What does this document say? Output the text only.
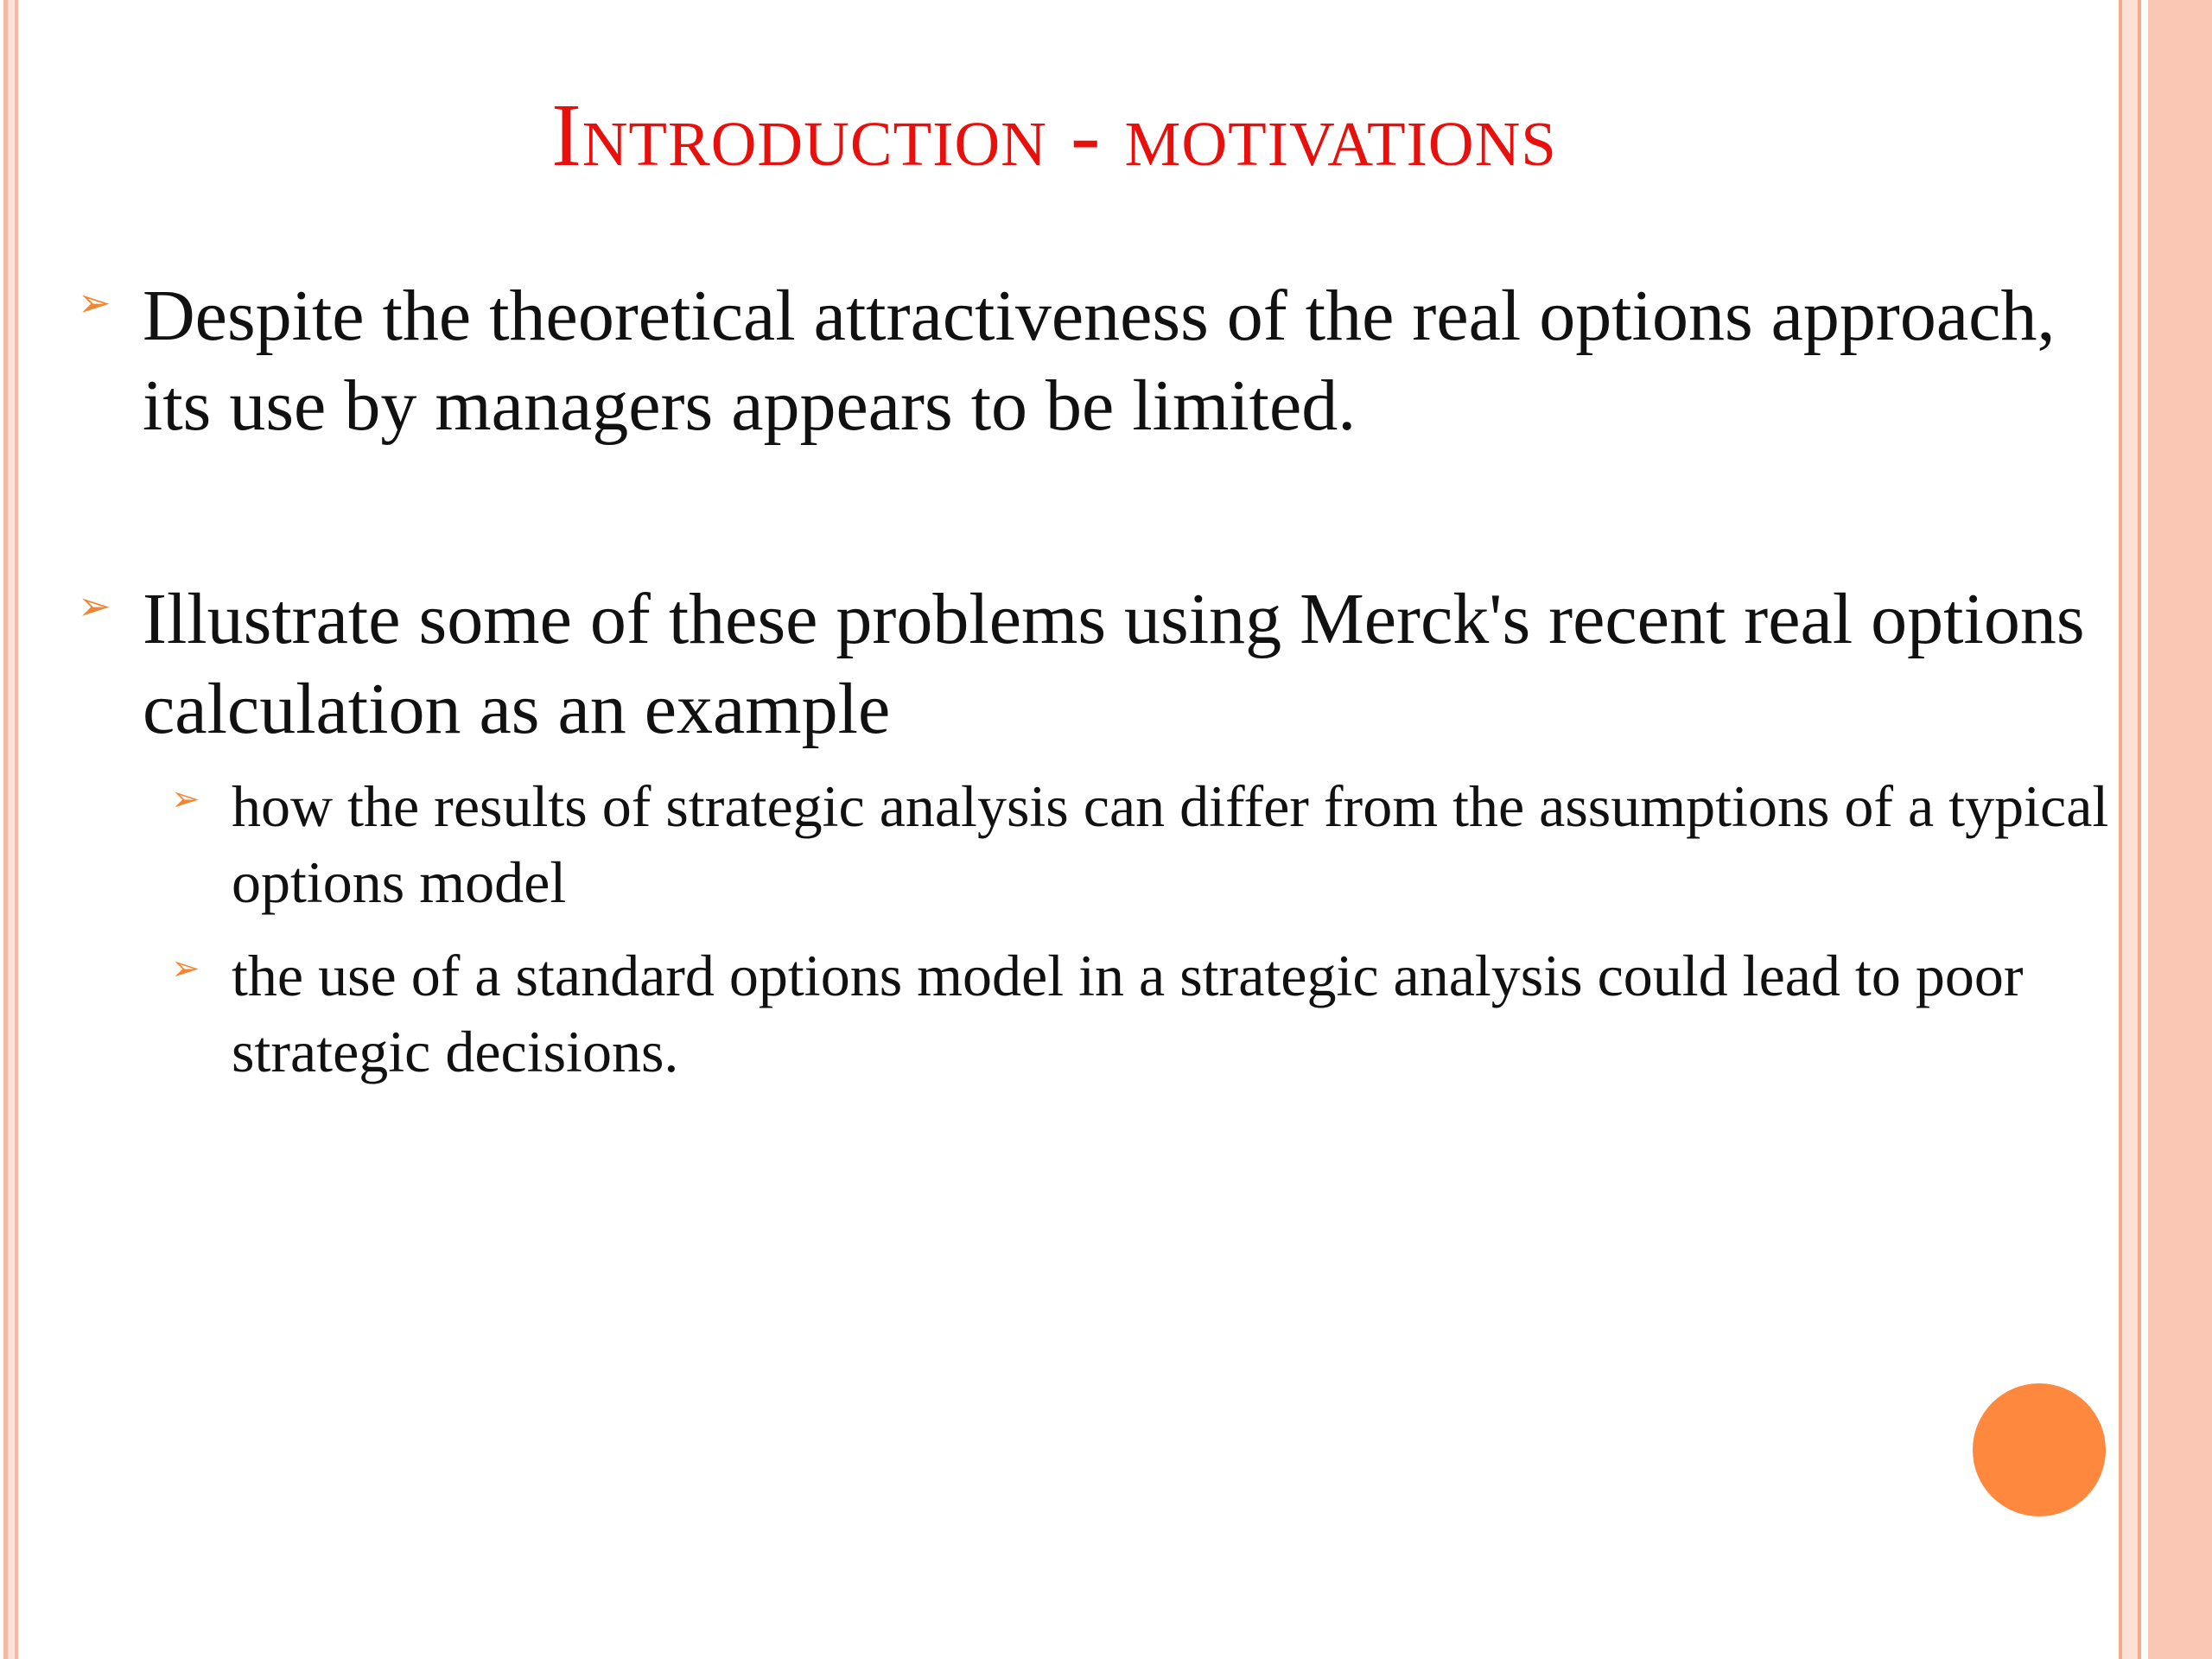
Introduction - motivations
➢ Despite the theoretical attractiveness of the real options approach, its use by managers appears to be limited.
➢ Illustrate some of these problems using Merck's recent real options calculation as an example
➢ how the results of strategic analysis can differ from the assumptions of a typical options model
➢ the use of a standard options model in a strategic analysis could lead to poor strategic decisions.
